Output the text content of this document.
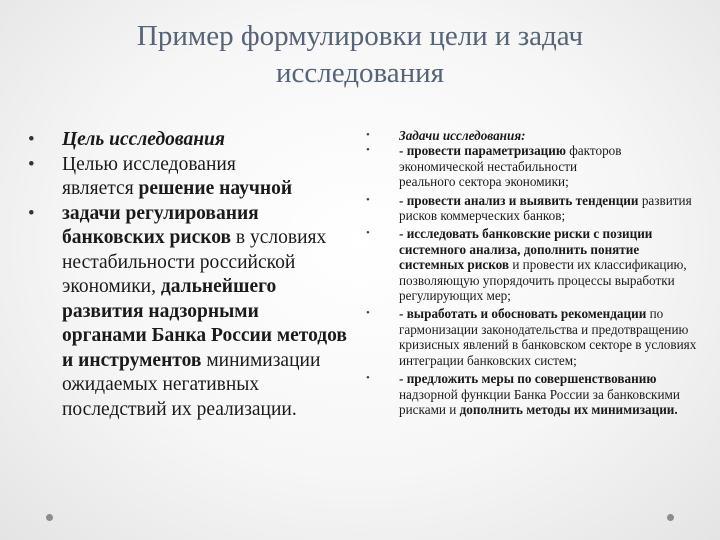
Пример формулировки цели и задач
исследования
• Цель исследования
• Целью исследования
является решение научной
• задачи регулирования банковских рисков в условиях нестабильности российской экономики, дальнейшего развития надзорными органами Банка России методов и инструментов минимизации ожидаемых негативных последствий их реализации.
• Задачи исследования:
• - провести параметризацию факторов экономической нестабильности
реального сектора экономики;
• - провести анализ и выявить тенденции развития рисков коммерческих банков;
• - исследовать банковские риски с позиции системного анализа, дополнить понятие системных рисков и провести их классификацию, позволяющую упорядочить процессы выработки регулирующих мер;
• - выработать и обосновать рекомендации по гармонизации законодательства и предотвращению кризисных явлений в банковском секторе в условиях интеграции банковских систем;
• - предложить меры по совершенствованию надзорной функции Банка России за банковскими рисками и дополнить методы их минимизации.
